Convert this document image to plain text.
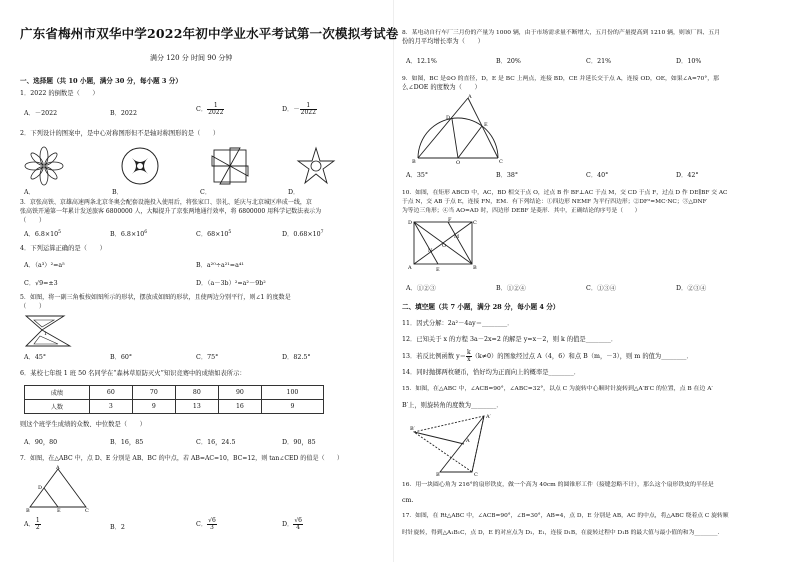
广东省梅州市双华中学2022年初中学业水平考试第一次模拟考试卷
满分 120 分 时间 90 分钟
一、选择题（共 10 小题，满分 30 分，每小题 3 分）
1．2022 的倒数是（　　）
A．－2022	B．2022
C． $\frac{1}{2022}$	D．－ $\frac{1}{2022}$
2．下列设计的图案中，是中心对称图形但不是轴对称图形的是（　　）
A．	B．	C．	D．
3．京张高铁、京雄高速两条北京冬奥会配套设施投入使用后，将张家口、崇礼、延庆与北京城区串成一线，京
张高铁开通第一年累计发送旅客 6800000 人，大幅提升了京张两地通行效率，将 6800000 用科学记数法表示为
（　　）
A．$6.8\times 10^5$	B．$6.8\times 10^6$	C．$68\times 10^5$	D．$0.68\times 10^7$
4．下列运算正确的是（　　）
A．（a³）²=a⁵	B．a²⁰÷a²¹=a⁴¹
C．√9=±3	D．（a－3b）²=a²－9b²
5．如图，将一副三角板按如图所示的形状，摆放成如图的形状，且使两边分别平行，则∠1 的度数是
（　　）
1
A．45°	B．60°	C．75°	D．82.5°
6．某校七年级 1 班 50 名同学在“森林草原防灭火”知识竞赛中的成绩如表所示：
成绩	60	70	80	90	100
人数	3	9	13	16	9
则这个班学生成绩的众数、中位数是（　　）
A．90，80	B．16，85	C．16，24.5	D．90，85
7．如图，在△ABC 中，点 D、E 分别是 AB、BC 的中点，若 AB=AC=10，BC=12，则 tan∠CED 的值是（　　）
A
B	C
D
E
A． $\frac{1}{2}$	B．2	C． $\frac{√6}{3}$	D． $\frac{√6}{4}$
8．某电动自行车厂三月份的产量为 1000 辆，由于市场需求量不断增大，五月份的产量提高到 1210 辆，则该厂四、五月
份的月平均增长率为（　　）
A．12.1%	B．20%	C．21%	D．10%
9．如图，BC 是⊙O 的直径，D，E 是 BC 上两点，连接 BD，CE 并延长交于点 A，连接 OD，OE，如果∠A=70°，那
么∠DOE 的度数为（　　）
A
B	C
D
E
O
A．35°	B．38°	C．40°	D．42°
10．如图，在矩形 ABCD 中，AC，BD 相交于点 O，过点 B 作 BF⊥AC 于点 M，交 CD 于点 F，过点 D 作 DE∥BF 交 AC
于点 N，交 AB 于点 E，连接 FN，EM．有下列结论：①四边形 NEMF 为平行四边形；②DF²=MC·NC；③△DNF
为等边三角形；④当 AO=AD 时，四边形 DEBF 是菱形．其中，正确结论的序号是（　　）
D	F	C
A	E	B
M
N
O
A．①②③	B．①②④	C．①③④	D．②③④
二、填空题（共 7 小题，满分 28 分，每小题 4 分）
11．因式分解：2a²－4ay＝________．
12．已知关于 x 的方程 3a－2x=2 的解是 y=x－2，则 k 的值是________．
13．若反比例函数 $y= \frac{k}{x} (k\ne 0)$的图象经过点 A（4，6）和点 B（m，－3），则 m 的值为________．
14．同时抛掷两枚硬币，恰好均为正面向上的概率是________．
15．如图，在△ABC 中，∠ACB=90°，∠ABC=32°，以点 C 为旋转中心顺时针旋转到△A′B′C 的位置，点 B 在边 A′
B′上，则旋转角的度数为________．
A′
B′
A
B	C
16．用一块圆心角为 216°的扇形铁皮，做一个高为 40cm 的圆锥形工件（接缝忽略不计），那么这个扇形铁皮的半径是
cm.
17．如图，在 Rt△ABC 中，∠ACB=90°，∠B=30°，AB=4，点 D，E 分别是 AB，AC 的中点，将△ABC 绕着点 C 旋转顺
时针旋转，得到△A₁B₁C，点 D，E 的对应点为 D₁，E₁，连接 D₁B，在旋转过程中 D₁B 的最大值与最小值的和为________．
